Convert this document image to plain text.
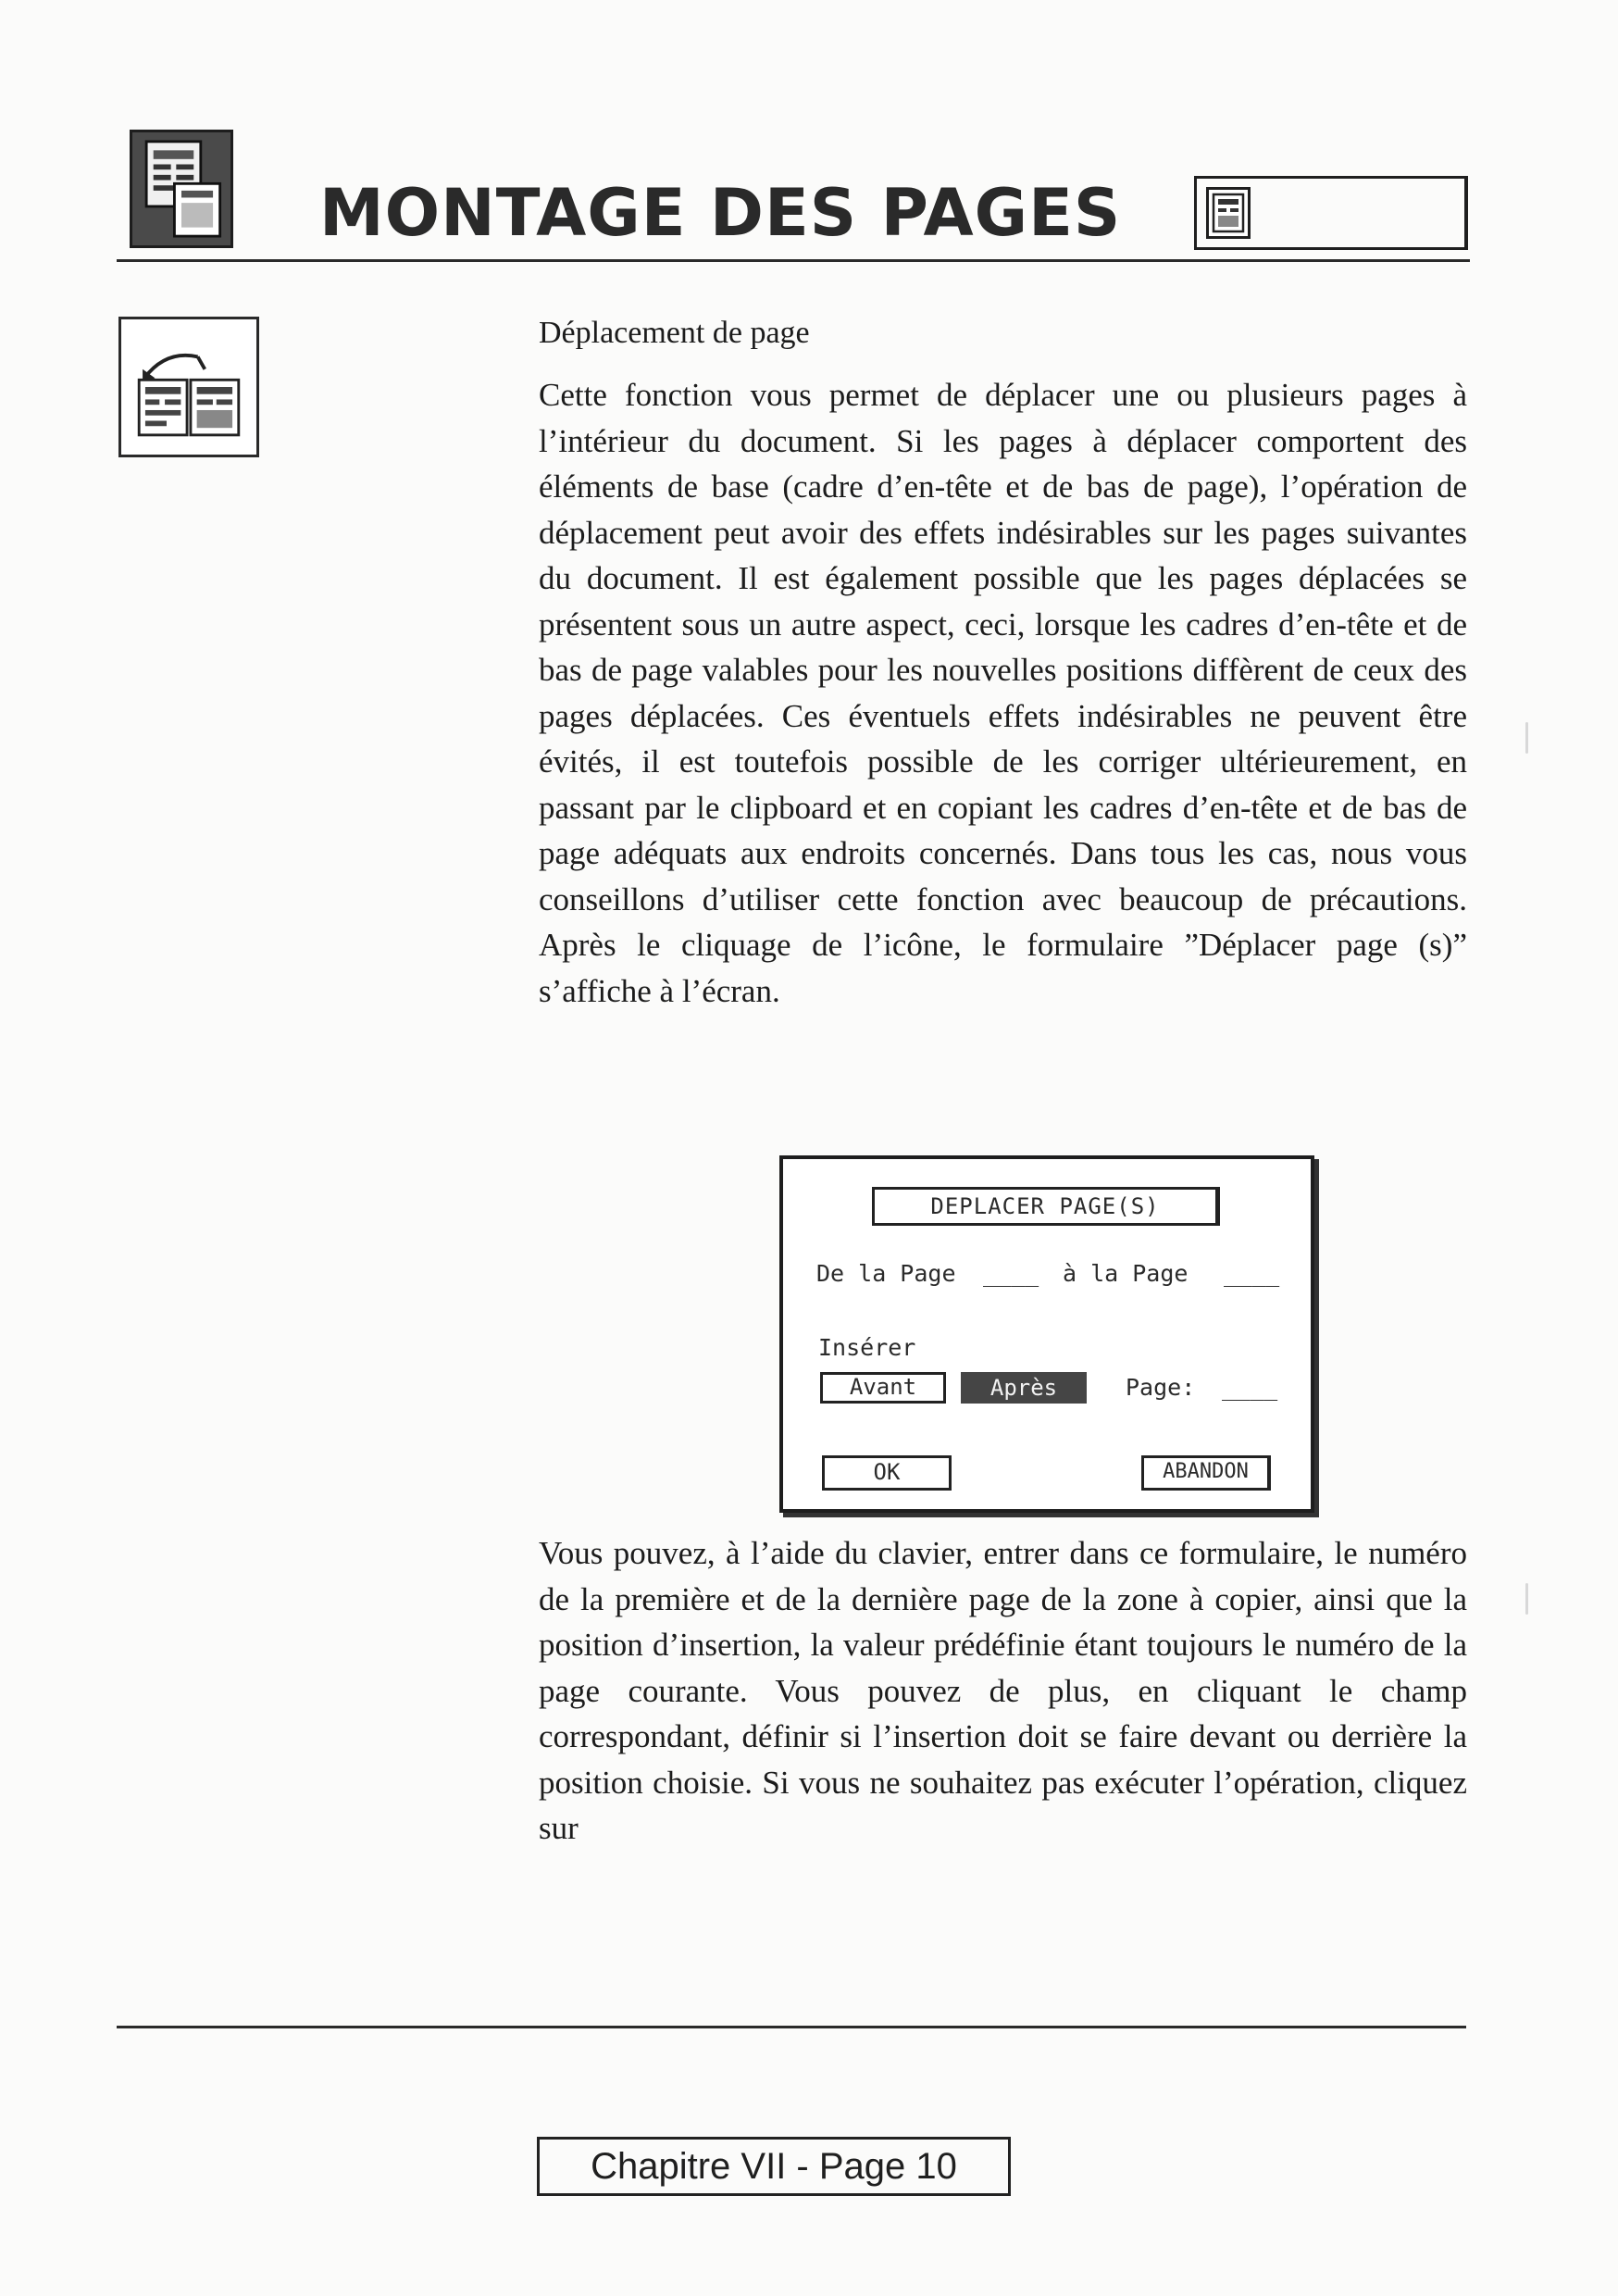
MONTAGE DES PAGES
Déplacement de page

Cette fonction vous permet de déplacer une ou plusieurs pages à l’intérieur du document. Si les pages à déplacer comportent des éléments de base (cadre d’en-tête et de bas de page), l’opération de déplacement peut avoir des effets indésirables sur les pages suivantes du document. Il est également possible que les pages déplacées se présentent sous un autre aspect, ceci, lorsque les cadres d’en-tête et de bas de page valables pour les nouvelles positions diffèrent de ceux des pages déplacées. Ces éventuels effets indésirables ne peuvent être évités, il est toutefois possible de les corriger ultérieurement, en passant par le clipboard et en copiant les cadres d’en-tête et de bas de page adéquats aux endroits concernés. Dans tous les cas, nous vous conseillons d’utiliser cette fonction avec beaucoup de précautions. Après le cliquage de l’icône, le formulaire ”Déplacer page (s)” s’affiche à l’écran.

DEPLACER PAGE(S)
De la Page ____ à la Page ____
Insérer
Avant	Après	Page: ____
OK	ABANDON

Vous pouvez, à l’aide du clavier, entrer dans ce formulaire, le numéro de la première et de la dernière page de la zone à copier, ainsi que la position d’insertion, la valeur prédéfinie étant toujours le numéro de la page courante. Vous pouvez de plus, en cliquant le champ correspondant, définir si l’insertion doit se faire devant ou derrière la position choisie. Si vous ne souhaitez pas exécuter l’opération, cliquez sur

Chapitre VII - Page 10
